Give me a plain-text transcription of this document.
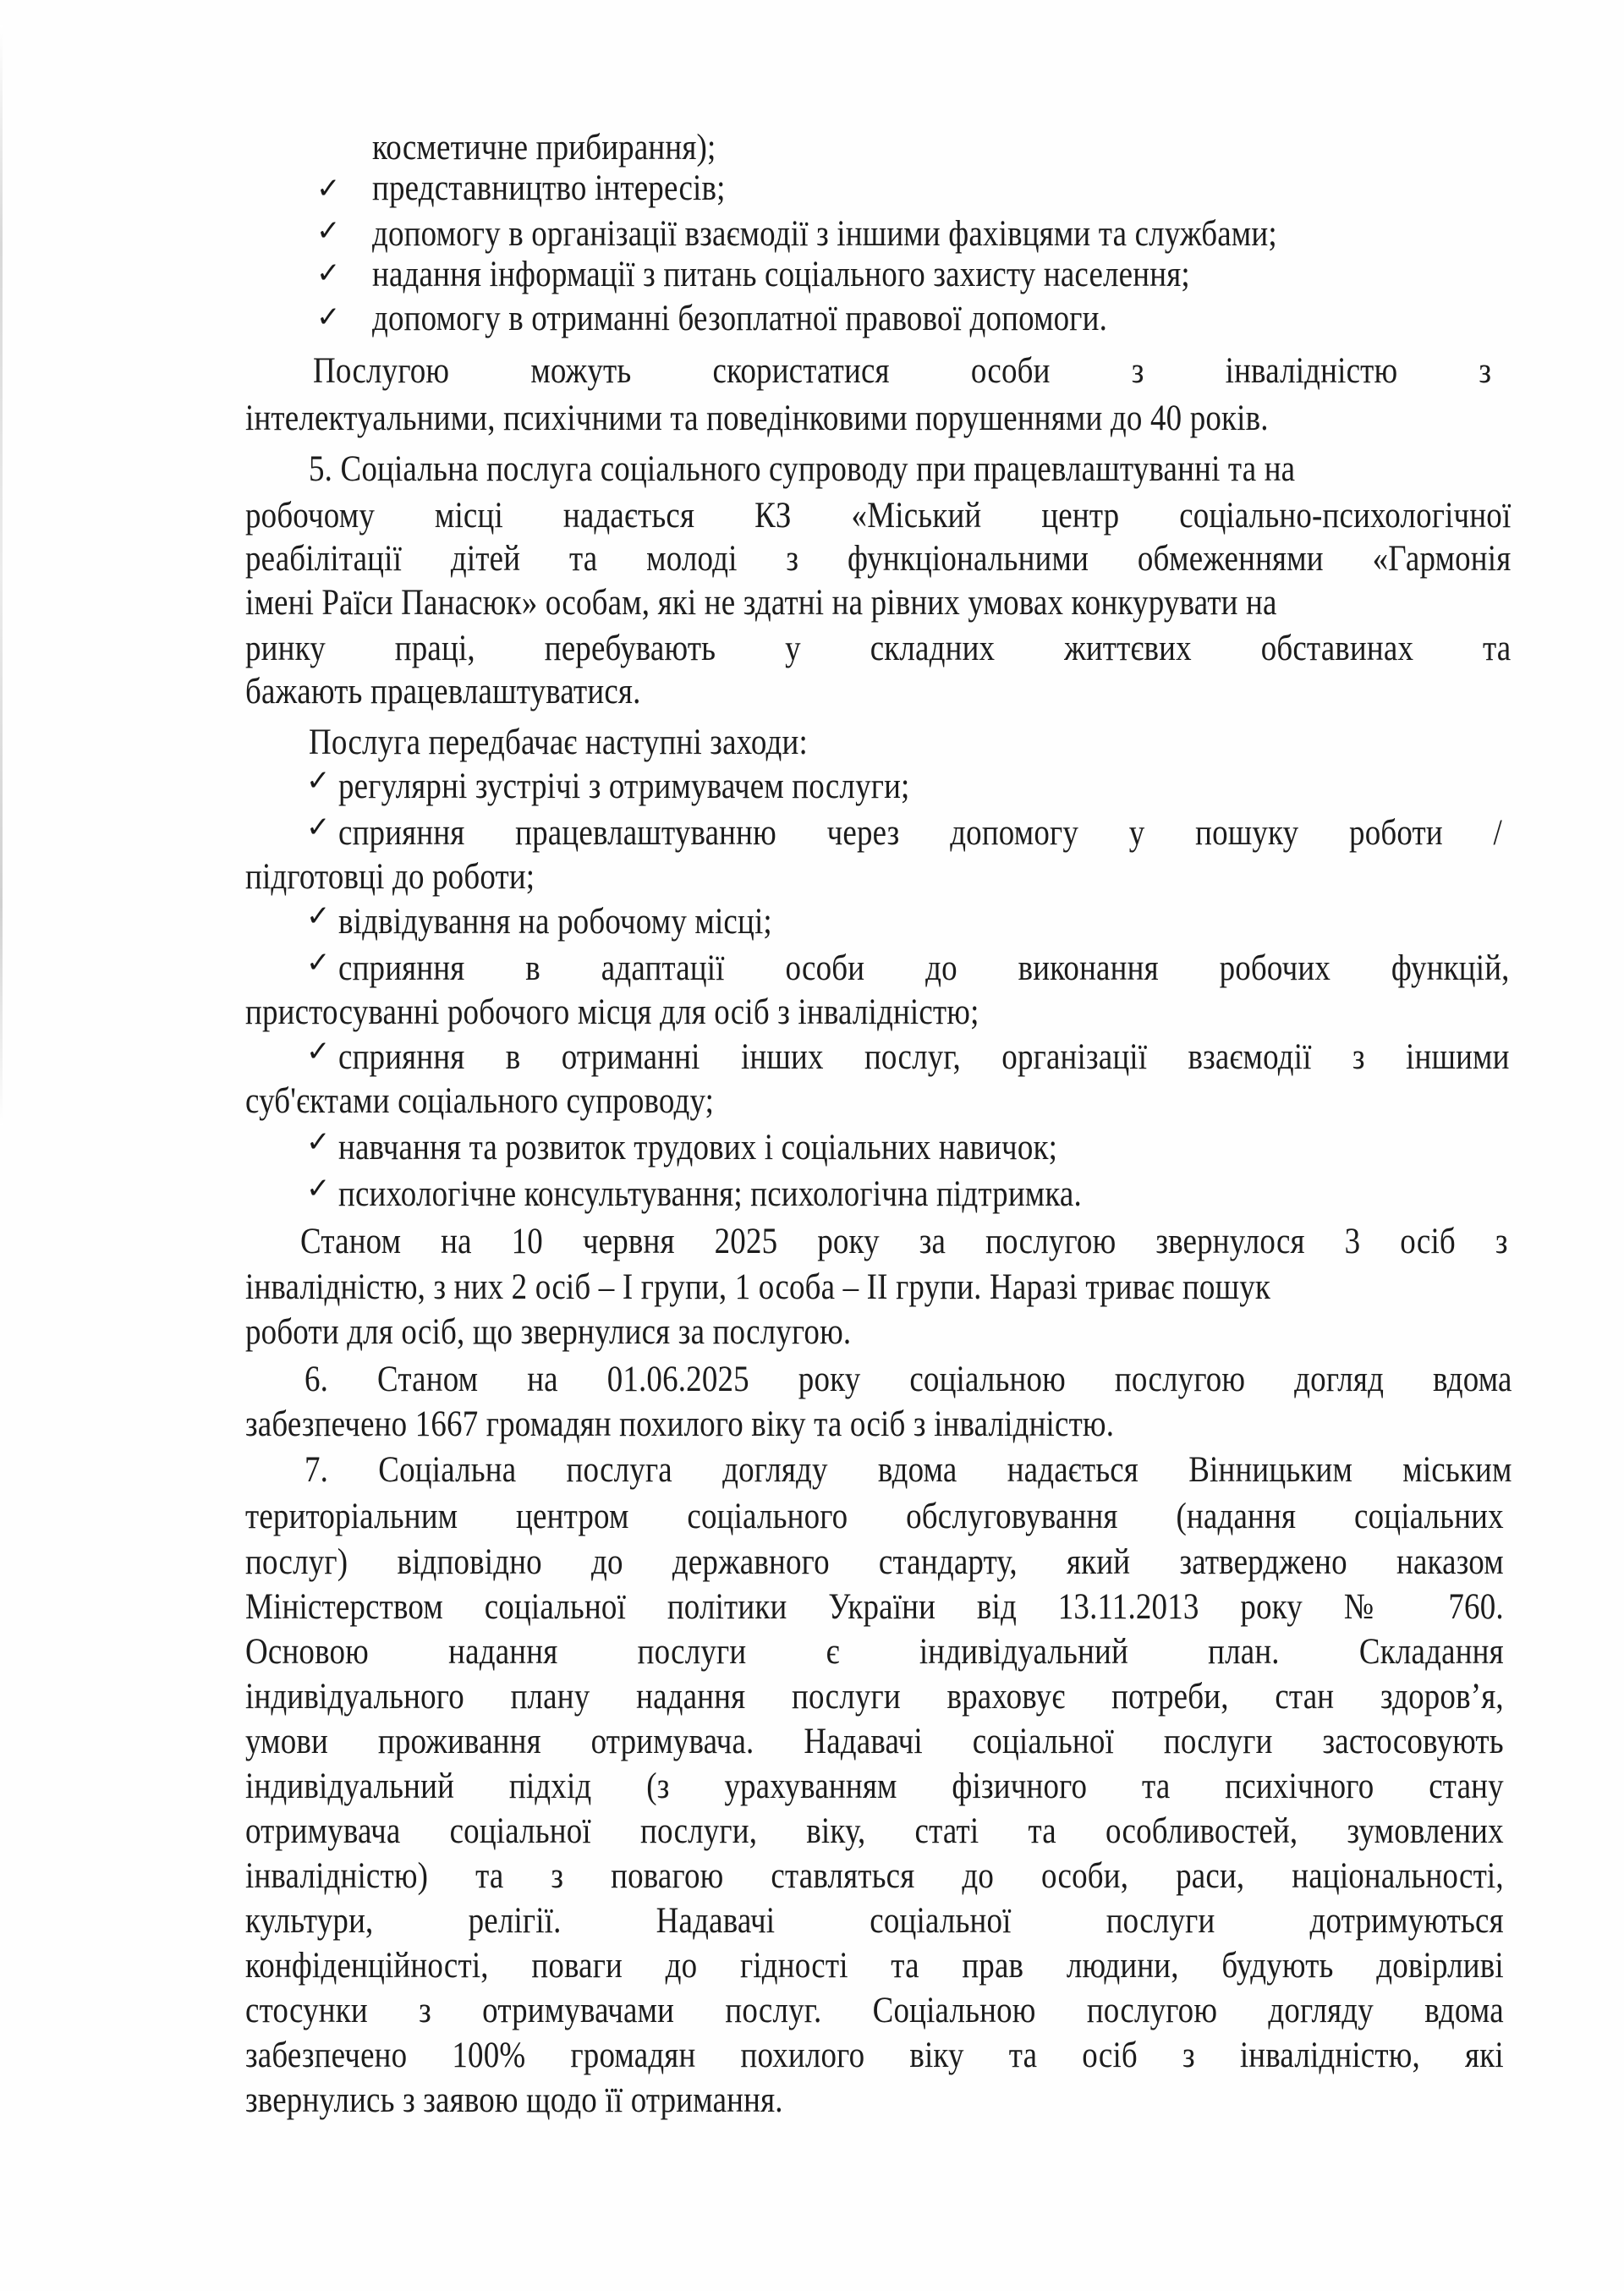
косметичне прибирання);
✓ представництво інтересів;
✓ допомогу в організації взаємодії з іншими фахівцями та службами;
✓ надання інформації з питань соціального захисту населення;
✓ допомогу в отриманні безоплатної правової допомоги.
Послугою можуть скористатися особи з інвалідністю з
інтелектуальними, психічними та поведінковими порушеннями до 40 років.
5. Соціальна послуга соціального супроводу при працевлаштуванні та на
робочому місці надається КЗ «Міський центр соціально-психологічної
реабілітації дітей та молоді з функціональними обмеженнями «Гармонія
імені Раїси Панасюк» особам, які не здатні на рівних умовах конкурувати на
ринку праці, перебувають у складних життєвих обставинах та
бажають працевлаштуватися.
Послуга передбачає наступні заходи:
✓ регулярні зустрічі з отримувачем послуги;
✓ сприяння працевлаштуванню через допомогу у пошуку роботи /
підготовці до роботи;
✓ відвідування на робочому місці;
✓ сприяння в адаптації особи до виконання робочих функцій,
пристосуванні робочого місця для осіб з інвалідністю;
✓ сприяння в отриманні інших послуг, організації взаємодії з іншими
суб'єктами соціального супроводу;
✓ навчання та розвиток трудових і соціальних навичок;
✓ психологічне консультування; психологічна підтримка.
Станом на 10 червня 2025 року за послугою звернулося 3 осіб з
інвалідністю, з них 2 осіб – І групи, 1 особа – ІІ групи. Наразі триває пошук
роботи для осіб, що звернулися за послугою.
6. Станом на 01.06.2025 року соціальною послугою догляд вдома
забезпечено 1667 громадян похилого віку та осіб з інвалідністю.
7. Соціальна послуга догляду вдома надається Вінницьким міським
територіальним центром соціального обслуговування (надання соціальних
послуг) відповідно до державного стандарту, який затверджено наказом
Міністерством соціальної політики України від 13.11.2013 року № 760.
Основою надання послуги є індивідуальний план. Складання
індивідуального плану надання послуги враховує потреби, стан здоров’я,
умови проживання отримувача. Надавачі соціальної послуги застосовують
індивідуальний підхід (з урахуванням фізичного та психічного стану
отримувача соціальної послуги, віку, статі та особливостей, зумовлених
інвалідністю) та з повагою ставляться до особи, раси, національності,
культури, релігії. Надавачі соціальної послуги дотримуються
конфіденційності, поваги до гідності та прав людини, будують довірливі
стосунки з отримувачами послуг. Соціальною послугою догляду вдома
забезпечено 100% громадян похилого віку та осіб з інвалідністю, які
звернулись з заявою щодо її отримання.
